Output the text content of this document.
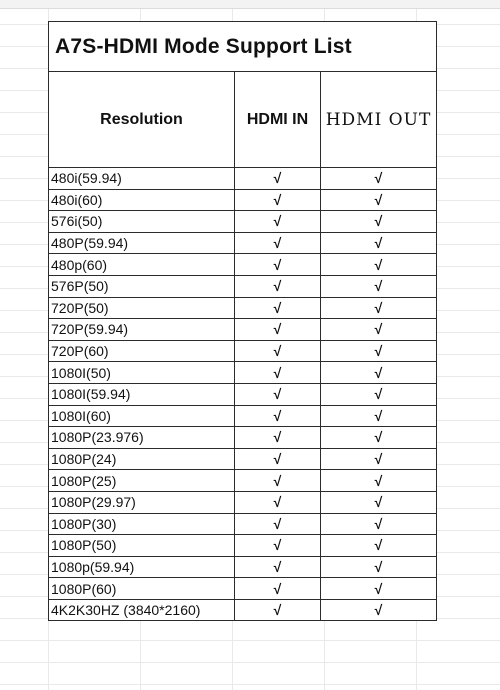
A7S-HDMI Mode Support List		
Resolution	HDMI IN	HDMI OUT
480i(59.94)	√	√
480i(60)	√	√
576i(50)	√	√
480P(59.94)	√	√
480p(60)	√	√
576P(50)	√	√
720P(50)	√	√
720P(59.94)	√	√
720P(60)	√	√
1080I(50)	√	√
1080I(59.94)	√	√
1080I(60)	√	√
1080P(23.976)	√	√
1080P(24)	√	√
1080P(25)	√	√
1080P(29.97)	√	√
1080P(30)	√	√
1080P(50)	√	√
1080p(59.94)	√	√
1080P(60)	√	√
4K2K30HZ (3840*2160)	√	√
